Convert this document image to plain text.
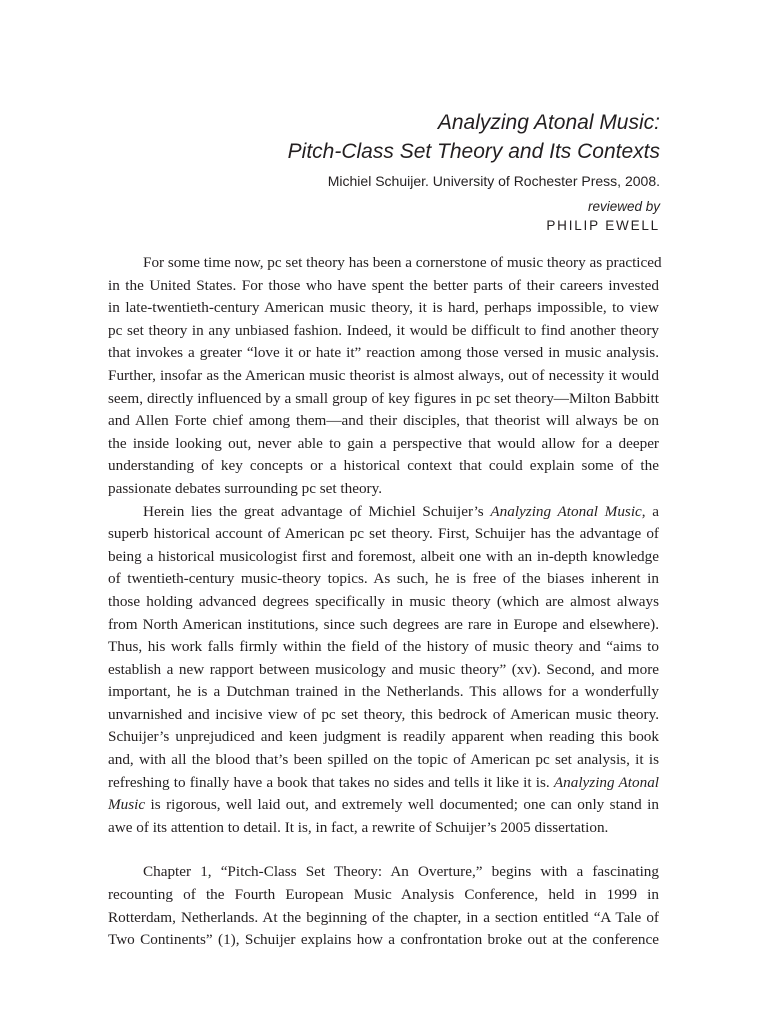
Analyzing Atonal Music:
Pitch-Class Set Theory and Its Contexts
Michiel Schuijer. University of Rochester Press, 2008.
reviewed by
PHILIP EWELL
For some time now, pc set theory has been a cornerstone of music theory as practiced
in the United States. For those who have spent the better parts of their careers invested
in late-twentieth-century American music theory, it is hard, perhaps impossible, to view
pc set theory in any unbiased fashion. Indeed, it would be difficult to find another theory
that invokes a greater “love it or hate it” reaction among those versed in music analysis.
Further, insofar as the American music theorist is almost always, out of necessity it would
seem, directly influenced by a small group of key figures in pc set theory—Milton Babbitt
and Allen Forte chief among them—and their disciples, that theorist will always be on
the inside looking out, never able to gain a perspective that would allow for a deeper
understanding of key concepts or a historical context that could explain some of the
passionate debates surrounding pc set theory.
Herein lies the great advantage of Michiel Schuijer’s Analyzing Atonal Music, a
superb historical account of American pc set theory. First, Schuijer has the advantage of
being a historical musicologist first and foremost, albeit one with an in-depth knowledge
of twentieth-century music-theory topics. As such, he is free of the biases inherent in
those holding advanced degrees specifically in music theory (which are almost always
from North American institutions, since such degrees are rare in Europe and elsewhere).
Thus, his work falls firmly within the field of the history of music theory and “aims to
establish a new rapport between musicology and music theory” (xv). Second, and more
important, he is a Dutchman trained in the Netherlands. This allows for a wonderfully
unvarnished and incisive view of pc set theory, this bedrock of American music theory.
Schuijer’s unprejudiced and keen judgment is readily apparent when reading this book
and, with all the blood that’s been spilled on the topic of American pc set analysis, it is
refreshing to finally have a book that takes no sides and tells it like it is. Analyzing Atonal
Music is rigorous, well laid out, and extremely well documented; one can only stand in
awe of its attention to detail. It is, in fact, a rewrite of Schuijer’s 2005 dissertation.
Chapter 1, “Pitch-Class Set Theory: An Overture,” begins with a fascinating
recounting of the Fourth European Music Analysis Conference, held in 1999 in
Rotterdam, Netherlands. At the beginning of the chapter, in a section entitled “A Tale of
Two Continents” (1), Schuijer explains how a confrontation broke out at the conference
